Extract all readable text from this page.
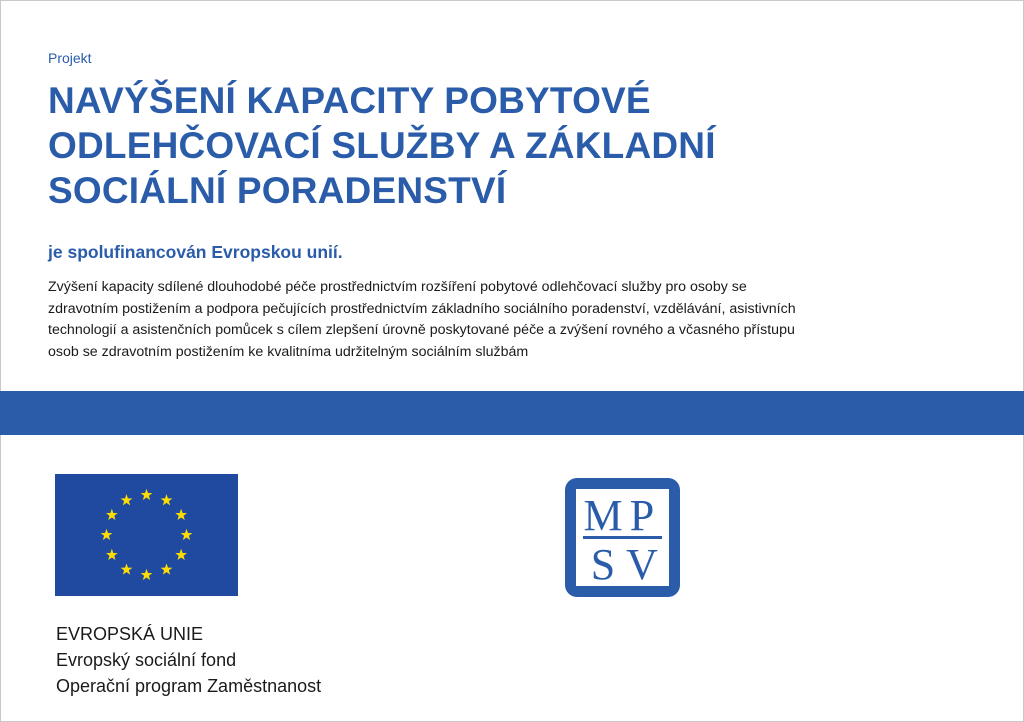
Projekt
NAVÝŠENÍ KAPACITY POBYTOVÉ
ODLEHČOVACÍ SLUŽBY A ZÁKLADNÍ
SOCIÁLNÍ PORADENSTVÍ
je spolufinancován Evropskou unií.
Zvýšení kapacity sdílené dlouhodobé péče prostřednictvím rozšíření pobytové odlehčovací služby pro osoby se
zdravotním postižením a podpora pečujících prostřednictvím základního sociálního poradenství, vzdělávání, asistivních
technologií a asistenčních pomůcek s cílem zlepšení úrovně poskytované péče a zvýšení rovného a včasného přístupu
osob se zdravotním postižením ke kvalitníma udržitelným sociálním službám
EVROPSKÁ UNIE
Evropský sociální fond
Operační program Zaměstnanost
M P
S V
